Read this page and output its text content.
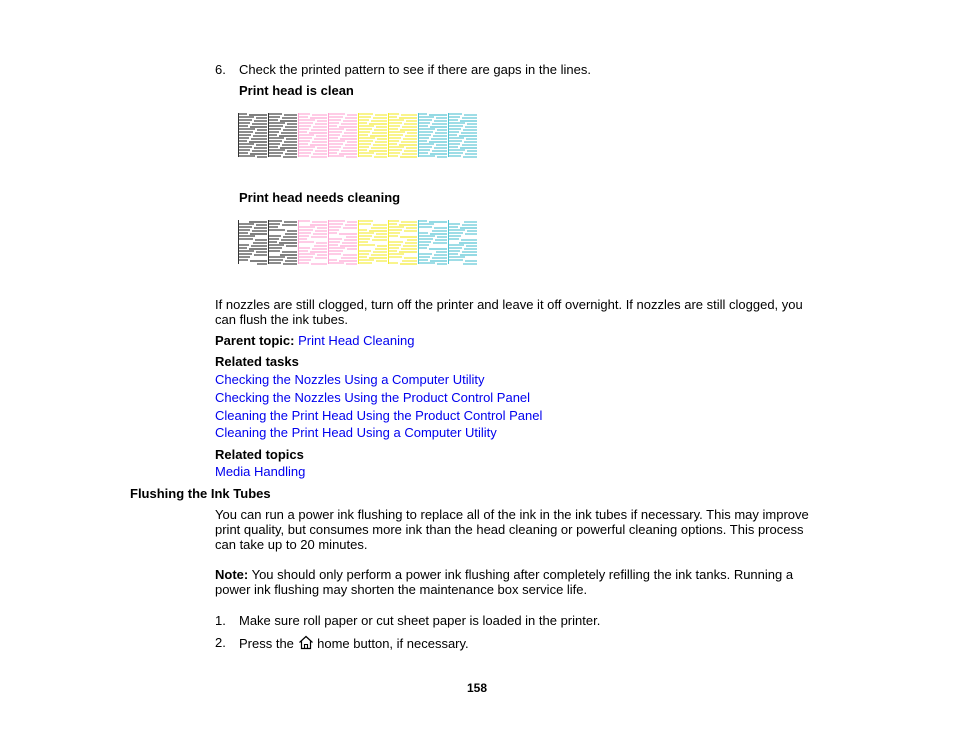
6. Check the printed pattern to see if there are gaps in the lines.
Print head is clean
Print head needs cleaning
If nozzles are still clogged, turn off the printer and leave it off overnight. If nozzles are still clogged, you
can flush the ink tubes.
Parent topic: Print Head Cleaning
Related tasks
Checking the Nozzles Using a Computer Utility
Checking the Nozzles Using the Product Control Panel
Cleaning the Print Head Using the Product Control Panel
Cleaning the Print Head Using a Computer Utility
Related topics
Media Handling
Flushing the Ink Tubes
You can run a power ink flushing to replace all of the ink in the ink tubes if necessary. This may improve
print quality, but consumes more ink than the head cleaning or powerful cleaning options. This process
can take up to 20 minutes.
Note: You should only perform a power ink flushing after completely refilling the ink tanks. Running a
power ink flushing may shorten the maintenance box service life.
1. Make sure roll paper or cut sheet paper is loaded in the printer.
2. Press the  home button, if necessary.
158
